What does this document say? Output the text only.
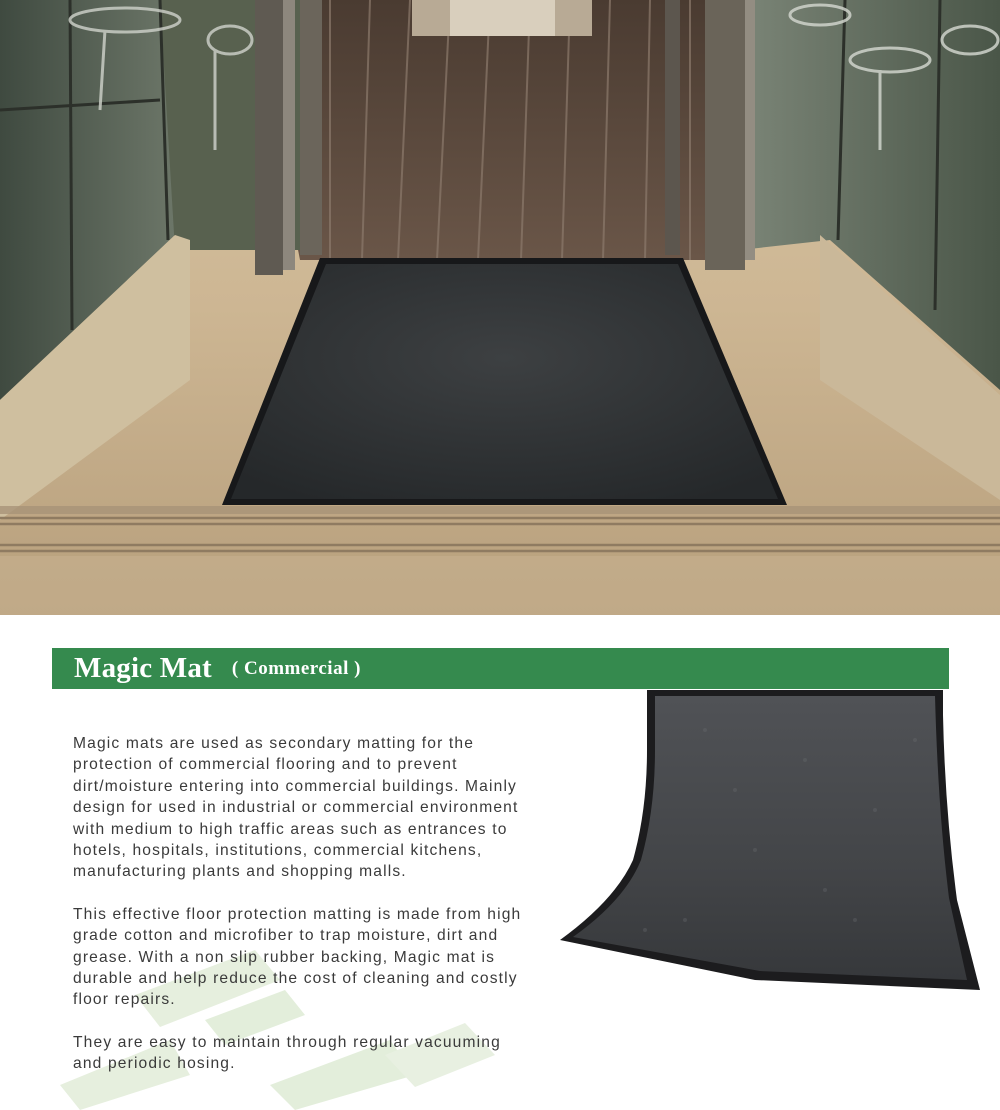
Magic Mat ( Commercial )

Magic mats are used as secondary matting for the protection of commercial flooring and to prevent dirt/moisture entering into commercial buildings. Mainly design for used in industrial or commercial environment with medium to high traffic areas such as entrances to hotels, hospitals, institutions, commercial kitchens, manufacturing plants and shopping malls.

This effective floor protection matting is made from high grade cotton and microfiber to trap moisture, dirt and grease. With a non slip rubber backing, Magic mat is durable and help reduce the cost of cleaning and costly floor repairs.

They are easy to maintain through regular vacuuming and periodic hosing.
